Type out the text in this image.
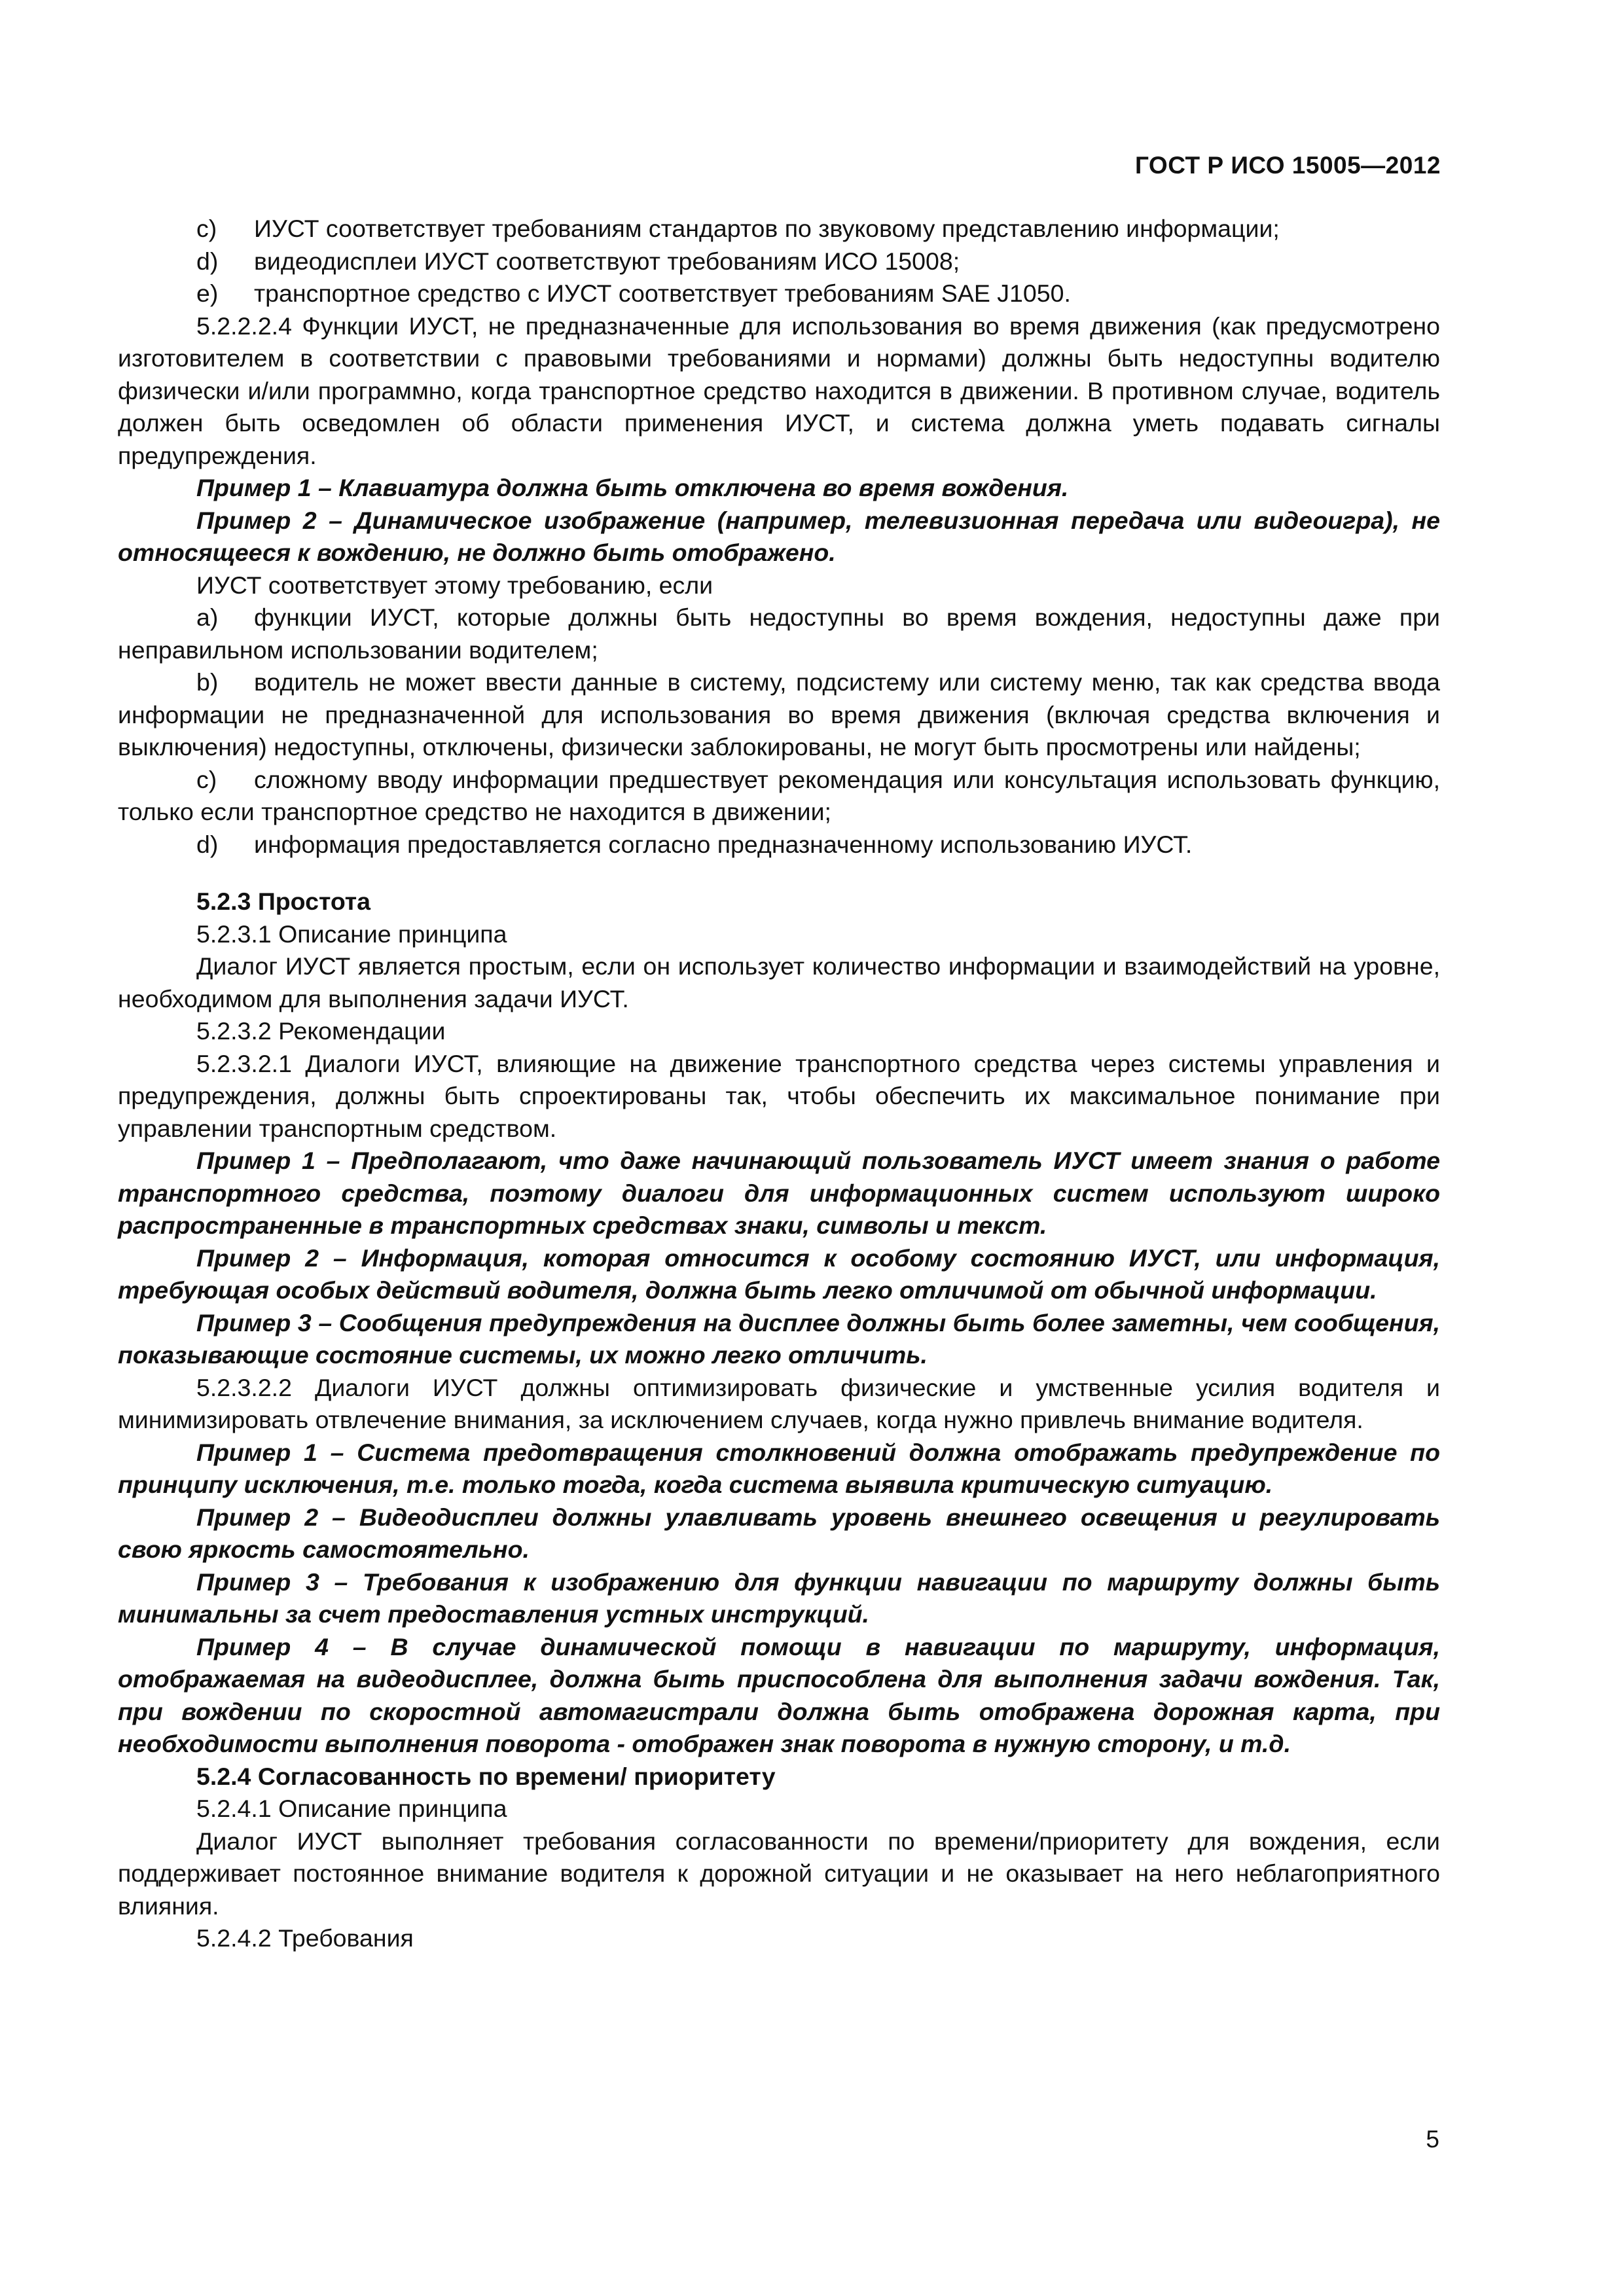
ГОСТ Р ИСО 15005—2012
c) ИУСТ соответствует требованиям стандартов по звуковому представлению информации;
d) видеодисплеи ИУСТ соответствуют требованиям ИСО 15008;
e) транспортное средство с ИУСТ соответствует требованиям SAE J1050.
5.2.2.2.4 Функции ИУСТ, не предназначенные для использования во время движения (как предусмотрено изготовителем в соответствии с правовыми требованиями и нормами) должны быть недоступны водителю физически и/или программно, когда транспортное средство находится в движении. В противном случае, водитель должен быть осведомлен об области применения ИУСТ, и система должна уметь подавать сигналы предупреждения.
Пример 1 – Клавиатура должна быть отключена во время вождения.
Пример 2 – Динамическое изображение (например, телевизионная передача или видеоигра), не относящееся к вождению, не должно быть отображено.
ИУСТ соответствует этому требованию, если
a) функции ИУСТ, которые должны быть недоступны во время вождения, недоступны даже при неправильном использовании водителем;
b) водитель не может ввести данные в систему, подсистему или систему меню, так как средства ввода информации не предназначенной для использования во время движения (включая средства включения и выключения) недоступны, отключены, физически заблокированы, не могут быть просмотрены или найдены;
c) сложному вводу информации предшествует рекомендация или консультация использовать функцию, только если транспортное средство не находится в движении;
d) информация предоставляется согласно предназначенному использованию ИУСТ.
5.2.3 Простота
5.2.3.1 Описание принципа
Диалог ИУСТ является простым, если он использует количество информации и взаимодействий на уровне, необходимом для выполнения задачи ИУСТ.
5.2.3.2 Рекомендации
5.2.3.2.1 Диалоги ИУСТ, влияющие на движение транспортного средства через системы управления и предупреждения, должны быть спроектированы так, чтобы обеспечить их максимальное понимание при управлении транспортным средством.
Пример 1 – Предполагают, что даже начинающий пользователь ИУСТ имеет знания о работе транспортного средства, поэтому диалоги для информационных систем используют широко распространенные в транспортных средствах знаки, символы и текст.
Пример 2 – Информация, которая относится к особому состоянию ИУСТ, или информация, требующая особых действий водителя, должна быть легко отличимой от обычной информации.
Пример 3 – Сообщения предупреждения на дисплее должны быть более заметны, чем сообщения, показывающие состояние системы, их можно легко отличить.
5.2.3.2.2 Диалоги ИУСТ должны оптимизировать физические и умственные усилия водителя и минимизировать отвлечение внимания, за исключением случаев, когда нужно привлечь внимание водителя.
Пример 1 – Система предотвращения столкновений должна отображать предупреждение по принципу исключения, т.е. только тогда, когда система выявила критическую ситуацию.
Пример 2 – Видеодисплеи должны улавливать уровень внешнего освещения и регулировать свою яркость самостоятельно.
Пример 3 – Требования к изображению для функции навигации по маршруту должны быть минимальны за счет предоставления устных инструкций.
Пример 4 – В случае динамической помощи в навигации по маршруту, информация, отображаемая на видеодисплее, должна быть приспособлена для выполнения задачи вождения. Так, при вождении по скоростной автомагистрали должна быть отображена дорожная карта, при необходимости выполнения поворота - отображен знак поворота в нужную сторону, и т.д.
5.2.4 Согласованность по времени/ приоритету
5.2.4.1 Описание принципа
Диалог ИУСТ выполняет требования согласованности по времени/приоритету для вождения, если поддерживает постоянное внимание водителя к дорожной ситуации и не оказывает на него неблагоприятного влияния.
5.2.4.2 Требования
5
